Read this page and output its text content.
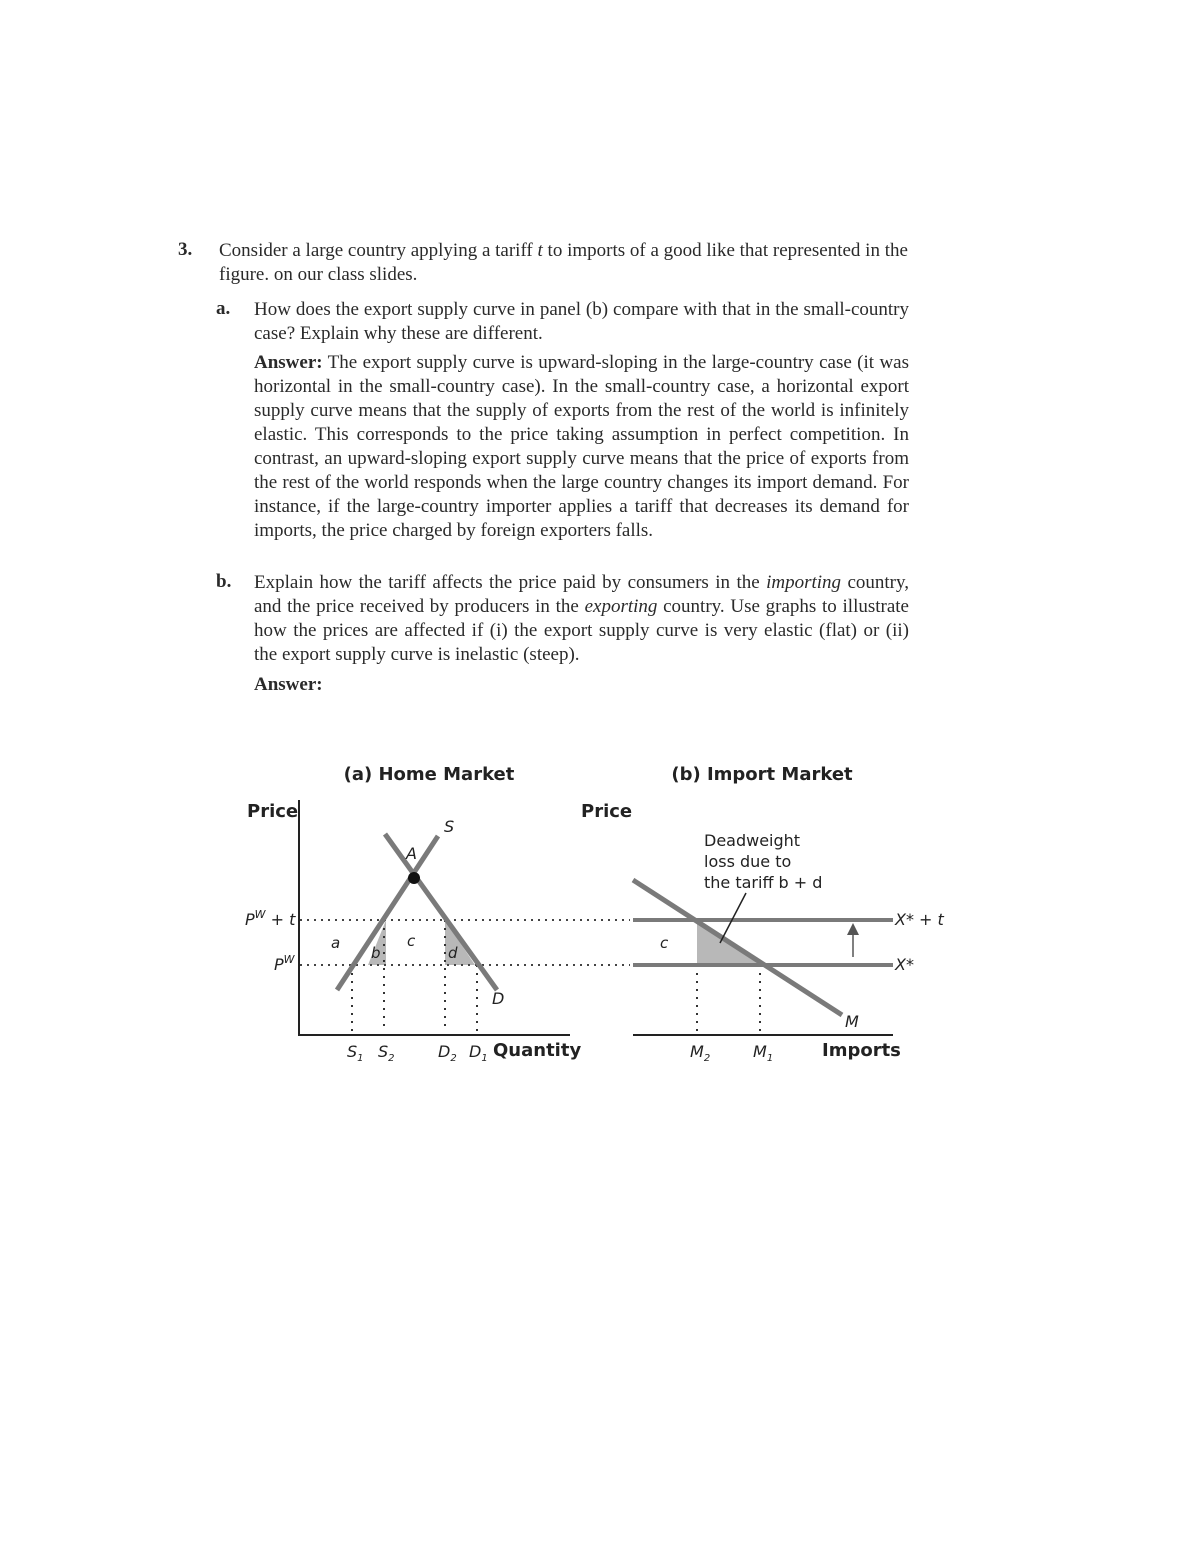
3. Consider a large country applying a tariff t to imports of a good like that represented in the figure. on our class slides.
a. How does the export supply curve in panel (b) compare with that in the small-country case? Explain why these are different.
Answer: The export supply curve is upward-sloping in the large-country case (it was horizontal in the small-country case). In the small-country case, a horizontal export supply curve means that the supply of exports from the rest of the world is infinitely elastic. This corresponds to the price taking assumption in perfect competition. In contrast, an upward-sloping export supply curve means that the price of exports from the rest of the world responds when the large country changes its import demand. For instance, if the large-country importer applies a tariff that decreases its demand for imports, the price charged by foreign exporters falls.
b. Explain how the tariff affects the price paid by consumers in the importing country, and the price received by producers in the exporting country. Use graphs to illustrate how the prices are affected if (i) the export supply curve is very elastic (flat) or (ii) the export supply curve is inelastic (steep).
Answer:
(a) Home Market
Price
S
A
D
$P^W + t$
$P^W$
a
b
c
d
$S_1$ $S_2$	$D_2$ $D_1$ Quantity
(b) Import Market
Price
Deadweight
loss due to
the tariff b + d
c
X* + t
X*
M
$M_2$	$M_1$	Imports
